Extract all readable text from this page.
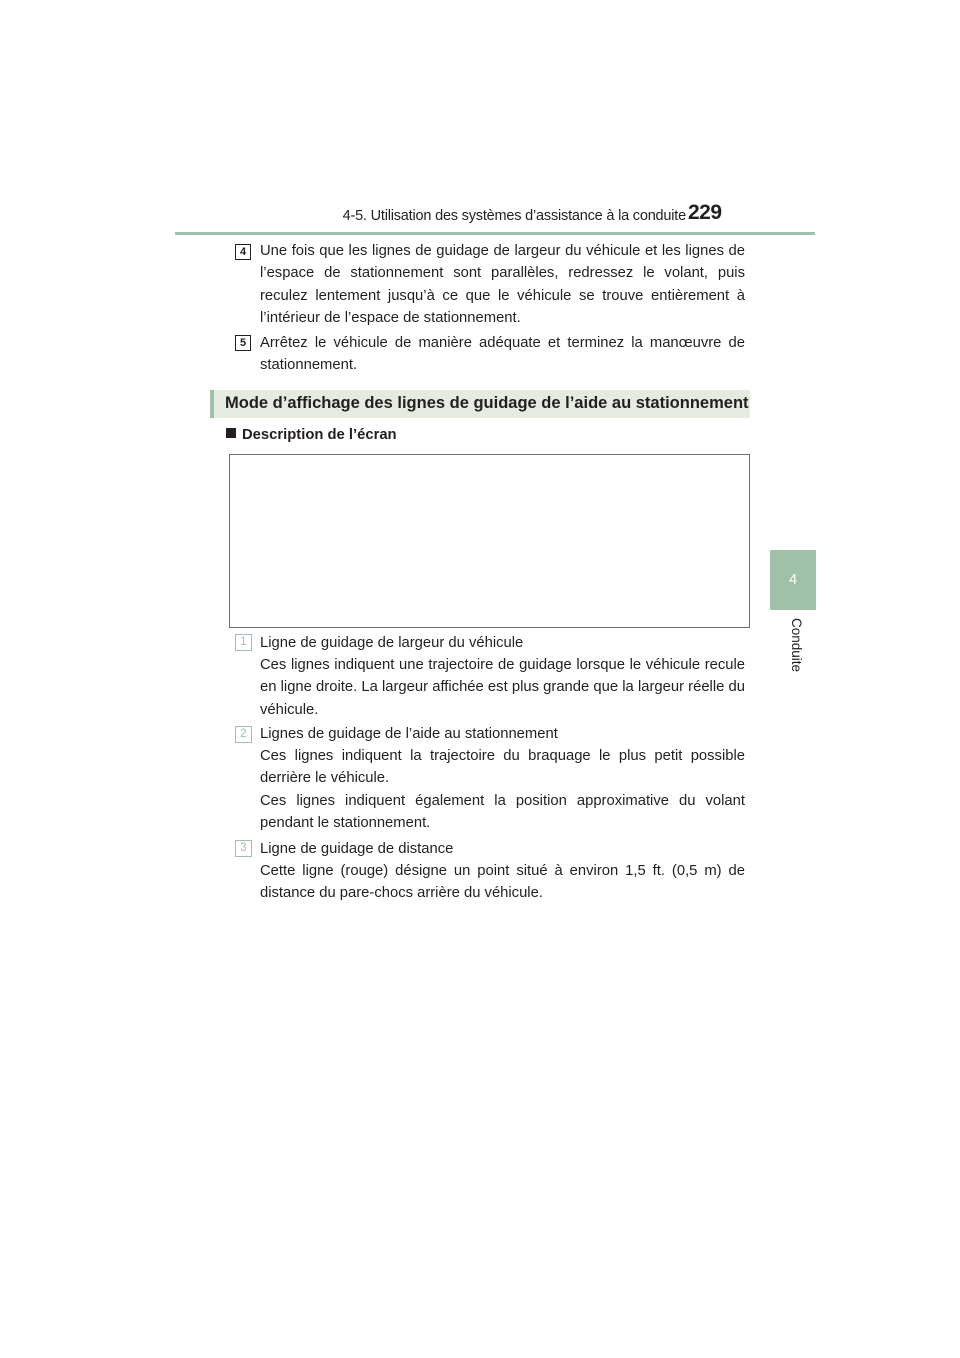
4-5. Utilisation des systèmes d’assistance à la conduite 229
4
Conduite
4 Une fois que les lignes de guidage de largeur du véhicule et les lignes de l’espace de stationnement sont parallèles, redressez le volant, puis reculez lentement jusqu’à ce que le véhicule se trouve entièrement à l’intérieur de l’espace de stationnement.
5 Arrêtez le véhicule de manière adéquate et terminez la manœuvre de stationnement.
Mode d’affichage des lignes de guidage de l’aide au stationnement
Description de l’écran
1 Ligne de guidage de largeur du véhicule
Ces lignes indiquent une trajectoire de guidage lorsque le véhicule recule en ligne droite. La largeur affichée est plus grande que la largeur réelle du véhicule.
2 Lignes de guidage de l’aide au stationnement
Ces lignes indiquent la trajectoire du braquage le plus petit possible derrière le véhicule.
Ces lignes indiquent également la position approximative du volant pendant le stationnement.
3 Ligne de guidage de distance
Cette ligne (rouge) désigne un point situé à environ 1,5 ft. (0,5 m) de distance du pare-chocs arrière du véhicule.
